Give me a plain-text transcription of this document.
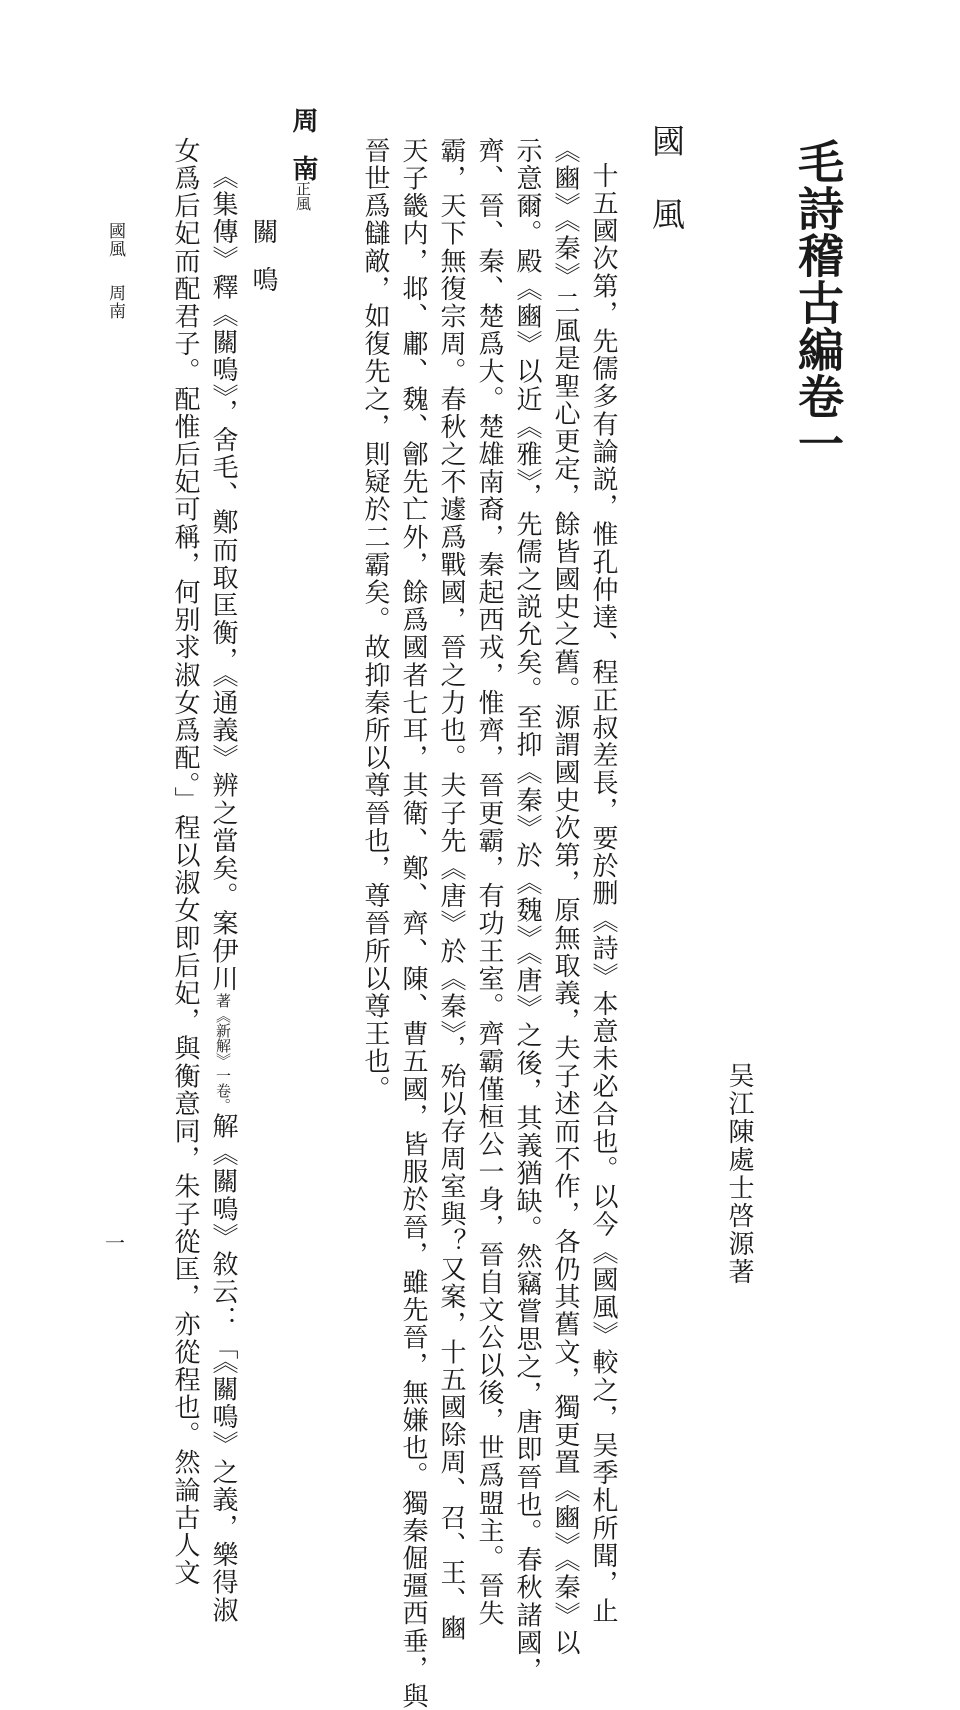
毛詩稽古編卷一
吴江陳處士啓源著
國風
十五國次第，先儒多有論説，惟孔仲達、程正叔差長，要於删《詩》本意未必合也。以今《國風》較之，吴季札所聞，止
《豳》《秦》二風是聖心更定，餘皆國史之舊。源謂國史次第，原無取義，夫子述而不作，各仍其舊文，獨更置《豳》《秦》以
示意爾。殿《豳》以近《雅》，先儒之説允矣。至抑《秦》於《魏》《唐》之後，其義猶缺。然竊嘗思之，唐即晉也。春秋諸國，
齊、晉、秦、楚爲大。楚雄南裔，秦起西戎，惟齊，晉更霸，有功王室。齊霸僅桓公一身，晉自文公以後，世爲盟主。晉失
霸，天下無復宗周。春秋之不遽爲戰國，晉之力也。夫子先《唐》於《秦》，殆以存周室與？又案，十五國除周、召、王、豳
天子畿内，邶、鄘、魏、鄶先亡外，餘爲國者七耳，其衛、鄭、齊、陳、曹五國，皆服於晉，雖先晉，無嫌也。獨秦倔彊西垂，與
晉世爲讎敵，如復先之，則疑於二霸矣。故抑秦所以尊晉也，尊晉所以尊王也。
周南正風
關鳴
《集傳》釋《關鳴》，舍毛、鄭而取匡衡，《通義》辨之當矣。案伊川著《新解》一卷。解《關鳴》敘云：「《關鳴》之義，樂得淑
女爲后妃而配君子。配惟后妃可稱，何别求淑女爲配。」程以淑女即后妃，與衡意同，朱子從匡，亦從程也。然論古人文
國風周南
一
